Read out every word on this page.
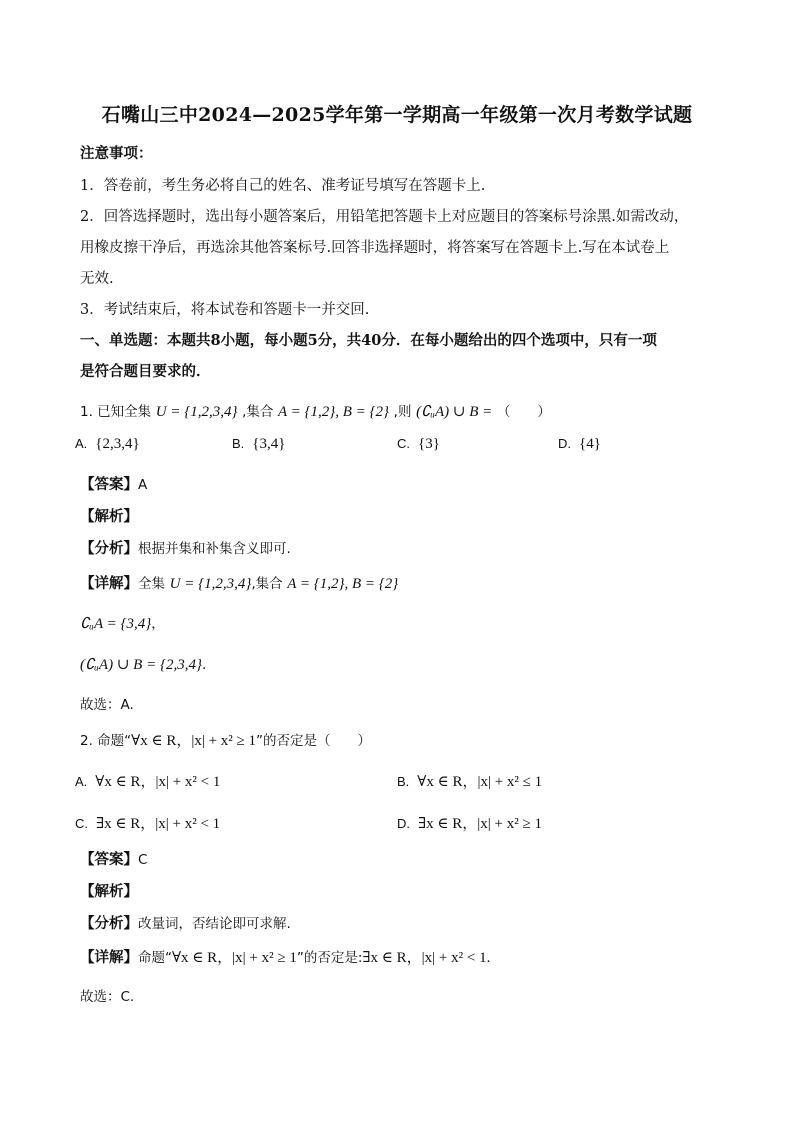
石嘴山三中2024—2025学年第一学期高一年级第一次月考数学试题
注意事项：
1．答卷前，考生务必将自己的姓名、准考证号填写在答题卡上.
2．回答选择题时，选出每小题答案后，用铅笔把答题卡上对应题目的答案标号涂黑.如需改动，
用橡皮擦干净后，再选涂其他答案标号.回答非选择题时，将答案写在答题卡上.写在本试卷上
无效.
3．考试结束后，将本试卷和答题卡一并交回.
一、单选题：本题共8小题，每小题5分，共40分．在每小题给出的四个选项中，只有一项
是符合题目要求的．
1. 已知全集 U = {1,2,3,4} ,集合 A = {1,2}, B = {2} ,则 (∁ᵤA) ∪ B = （　　）
A. {2,3,4}	B. {3,4}	C. {3}	D. {4}
【答案】A
【解析】
【分析】根据并集和补集含义即可.
【详解】全集 U = {1,2,3,4},集合 A = {1,2}, B = {2}
∁ᵤA = {3,4}，
(∁ᵤA) ∪ B = {2,3,4}.
故选：A.
2. 命题“∀x ∈ R，|x| + x² ≥ 1”的否定是（　　）
A. ∀x ∈ R，|x| + x² < 1	B. ∀x ∈ R，|x| + x² ≤ 1
C. ∃x ∈ R，|x| + x² < 1	D. ∃x ∈ R，|x| + x² ≥ 1
【答案】C
【解析】
【分析】改量词，否结论即可求解.
【详解】命题“∀x ∈ R，|x| + x² ≥ 1”的否定是:∃x ∈ R，|x| + x² < 1.
故选：C.
